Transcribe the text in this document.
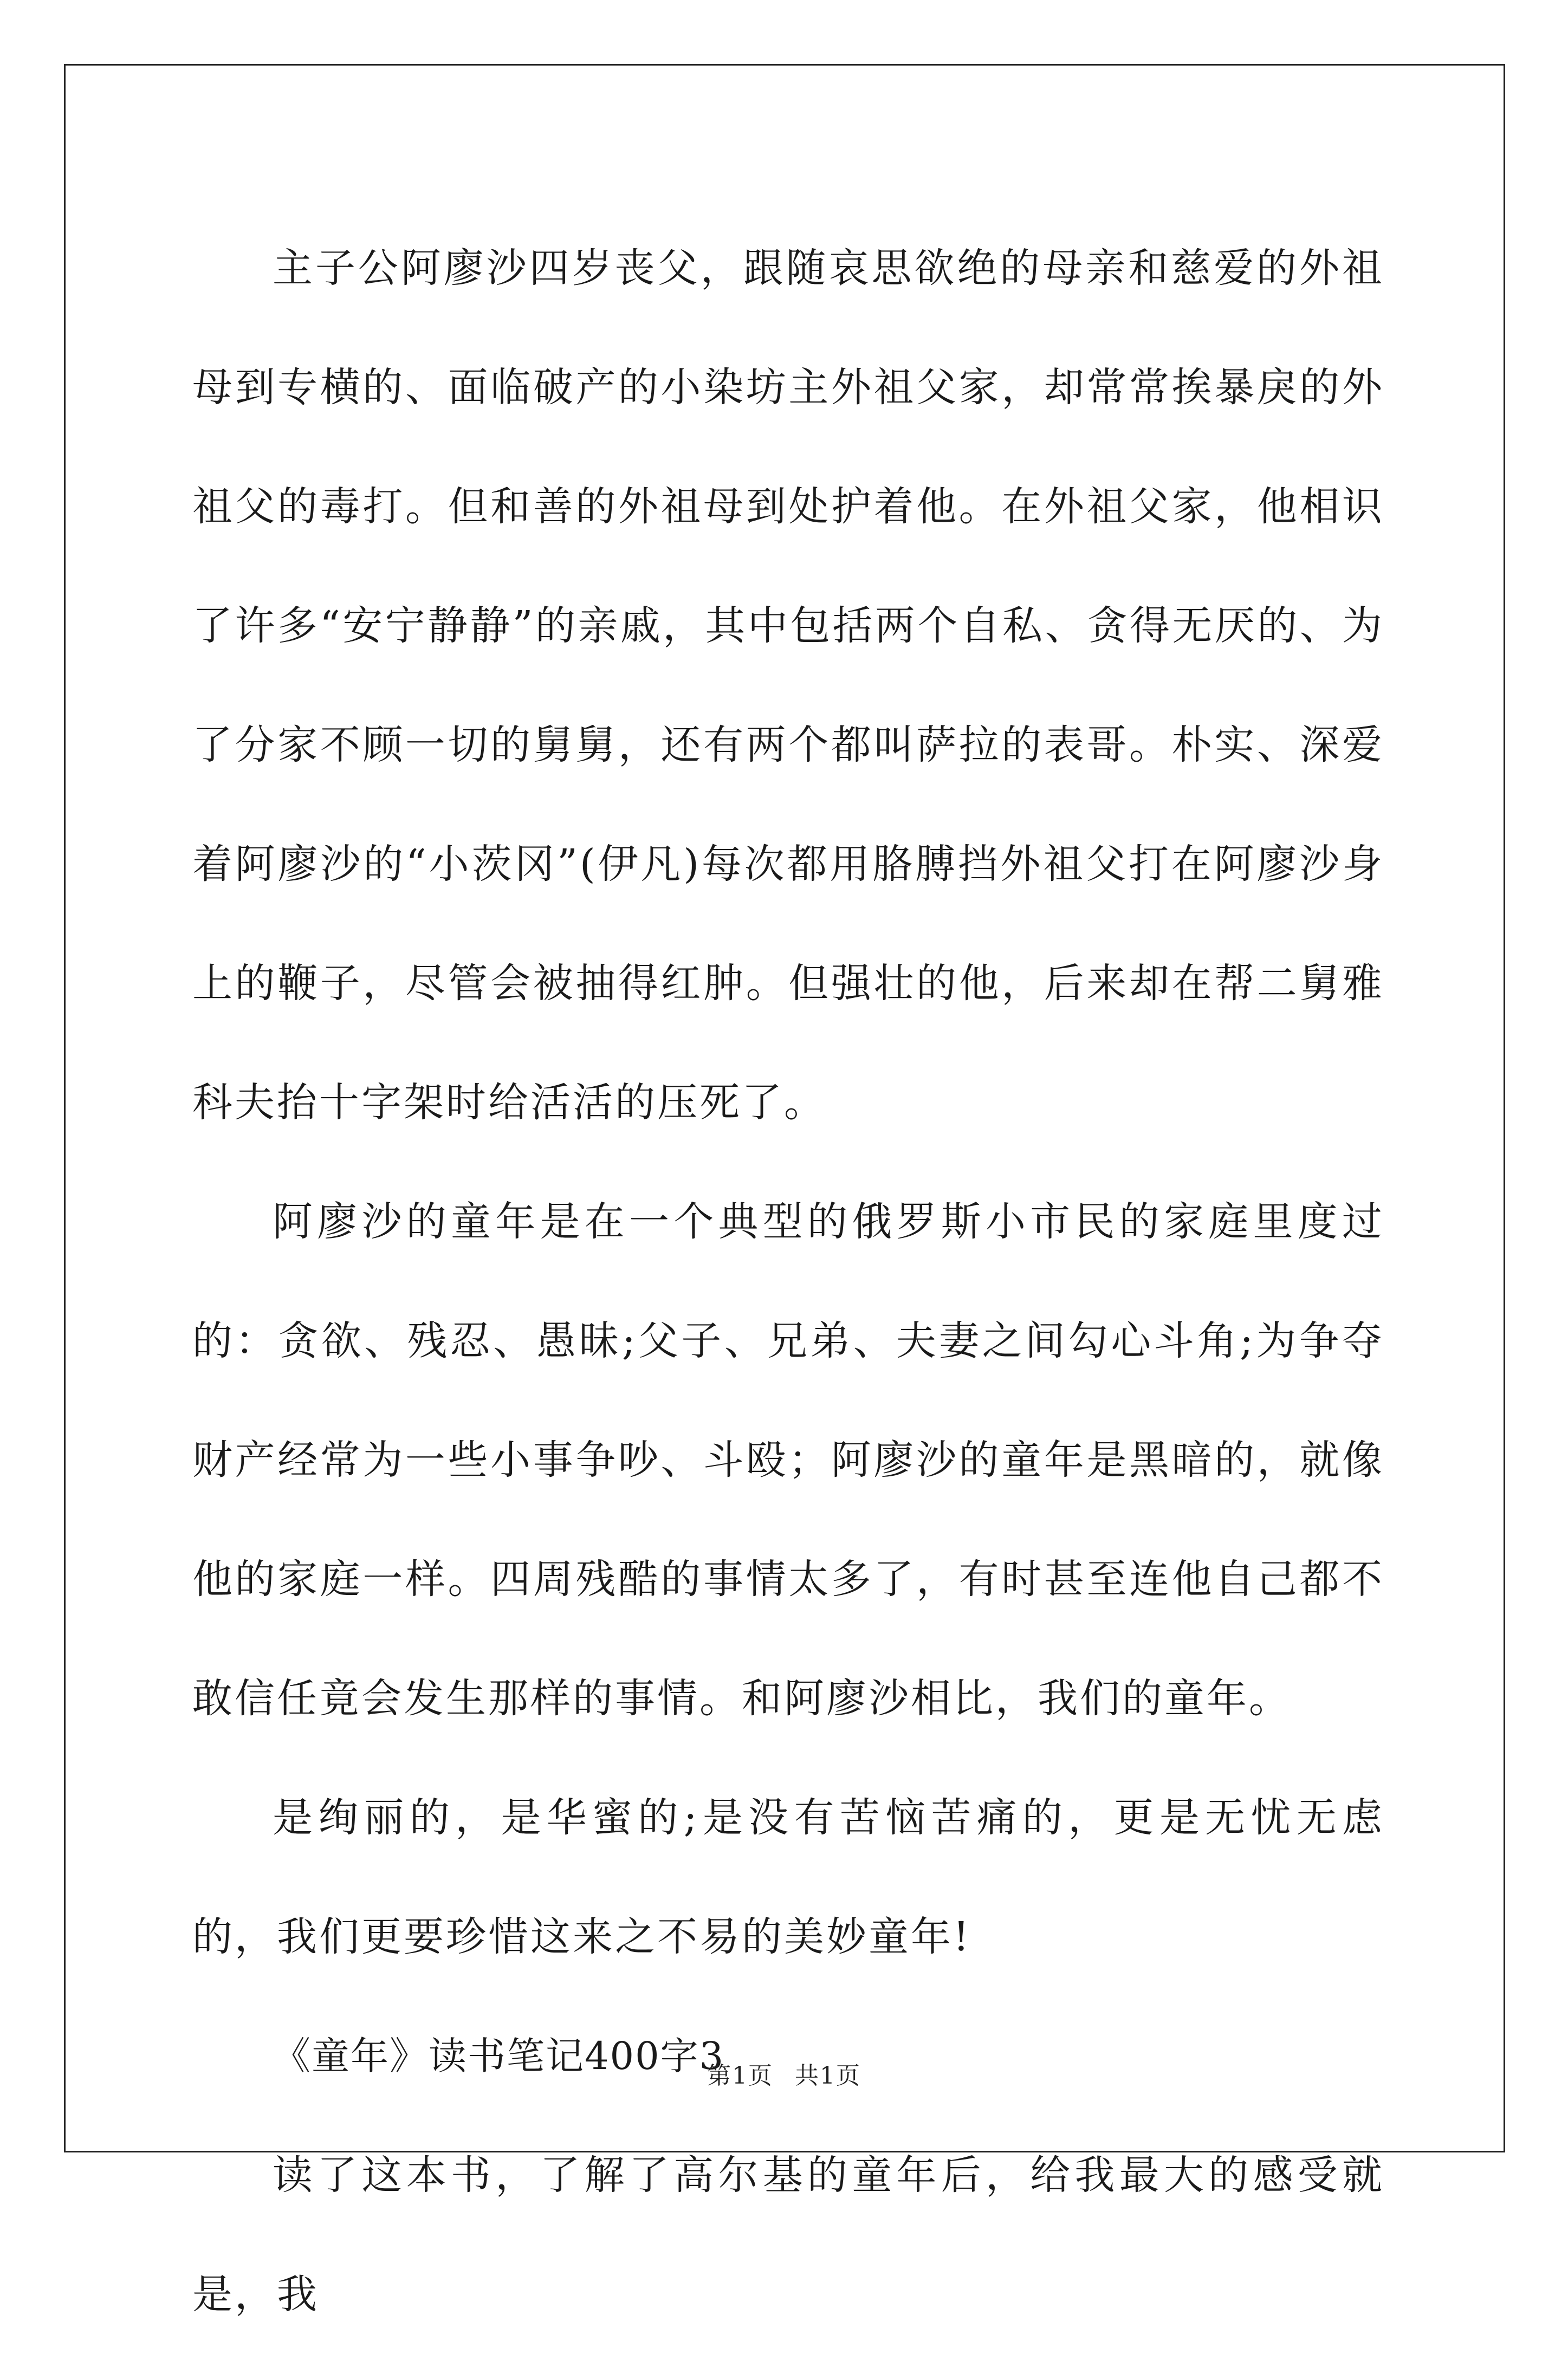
主子公阿廖沙四岁丧父，跟随哀思欲绝的母亲和慈爱的外祖母到专横的、面临破产的小染坊主外祖父家，却常常挨暴戾的外祖父的毒打。但和善的外祖母到处护着他。在外祖父家，他相识了许多“安宁静静”的亲戚，其中包括两个自私、贪得无厌的、为了分家不顾一切的舅舅，还有两个都叫萨拉的表哥。朴实、深爱着阿廖沙的“小茨冈”(伊凡)每次都用胳膊挡外祖父打在阿廖沙身上的鞭子，尽管会被抽得红肿。但强壮的他，后来却在帮二舅雅科夫抬十字架时给活活的压死了。

阿廖沙的童年是在一个典型的俄罗斯小市民的家庭里度过的：贪欲、残忍、愚昧;父子、兄弟、夫妻之间勾心斗角;为争夺财产经常为一些小事争吵、斗殴；阿廖沙的童年是黑暗的，就像他的家庭一样。四周残酷的事情太多了，有时甚至连他自己都不敢信任竟会发生那样的事情。和阿廖沙相比，我们的童年。

是绚丽的，是华蜜的;是没有苦恼苦痛的，更是无忧无虑的，我们更要珍惜这来之不易的美妙童年!

《童年》读书笔记400字3

读了这本书，了解了高尔基的童年后，给我最大的感受就是，我

第1页 共1页
